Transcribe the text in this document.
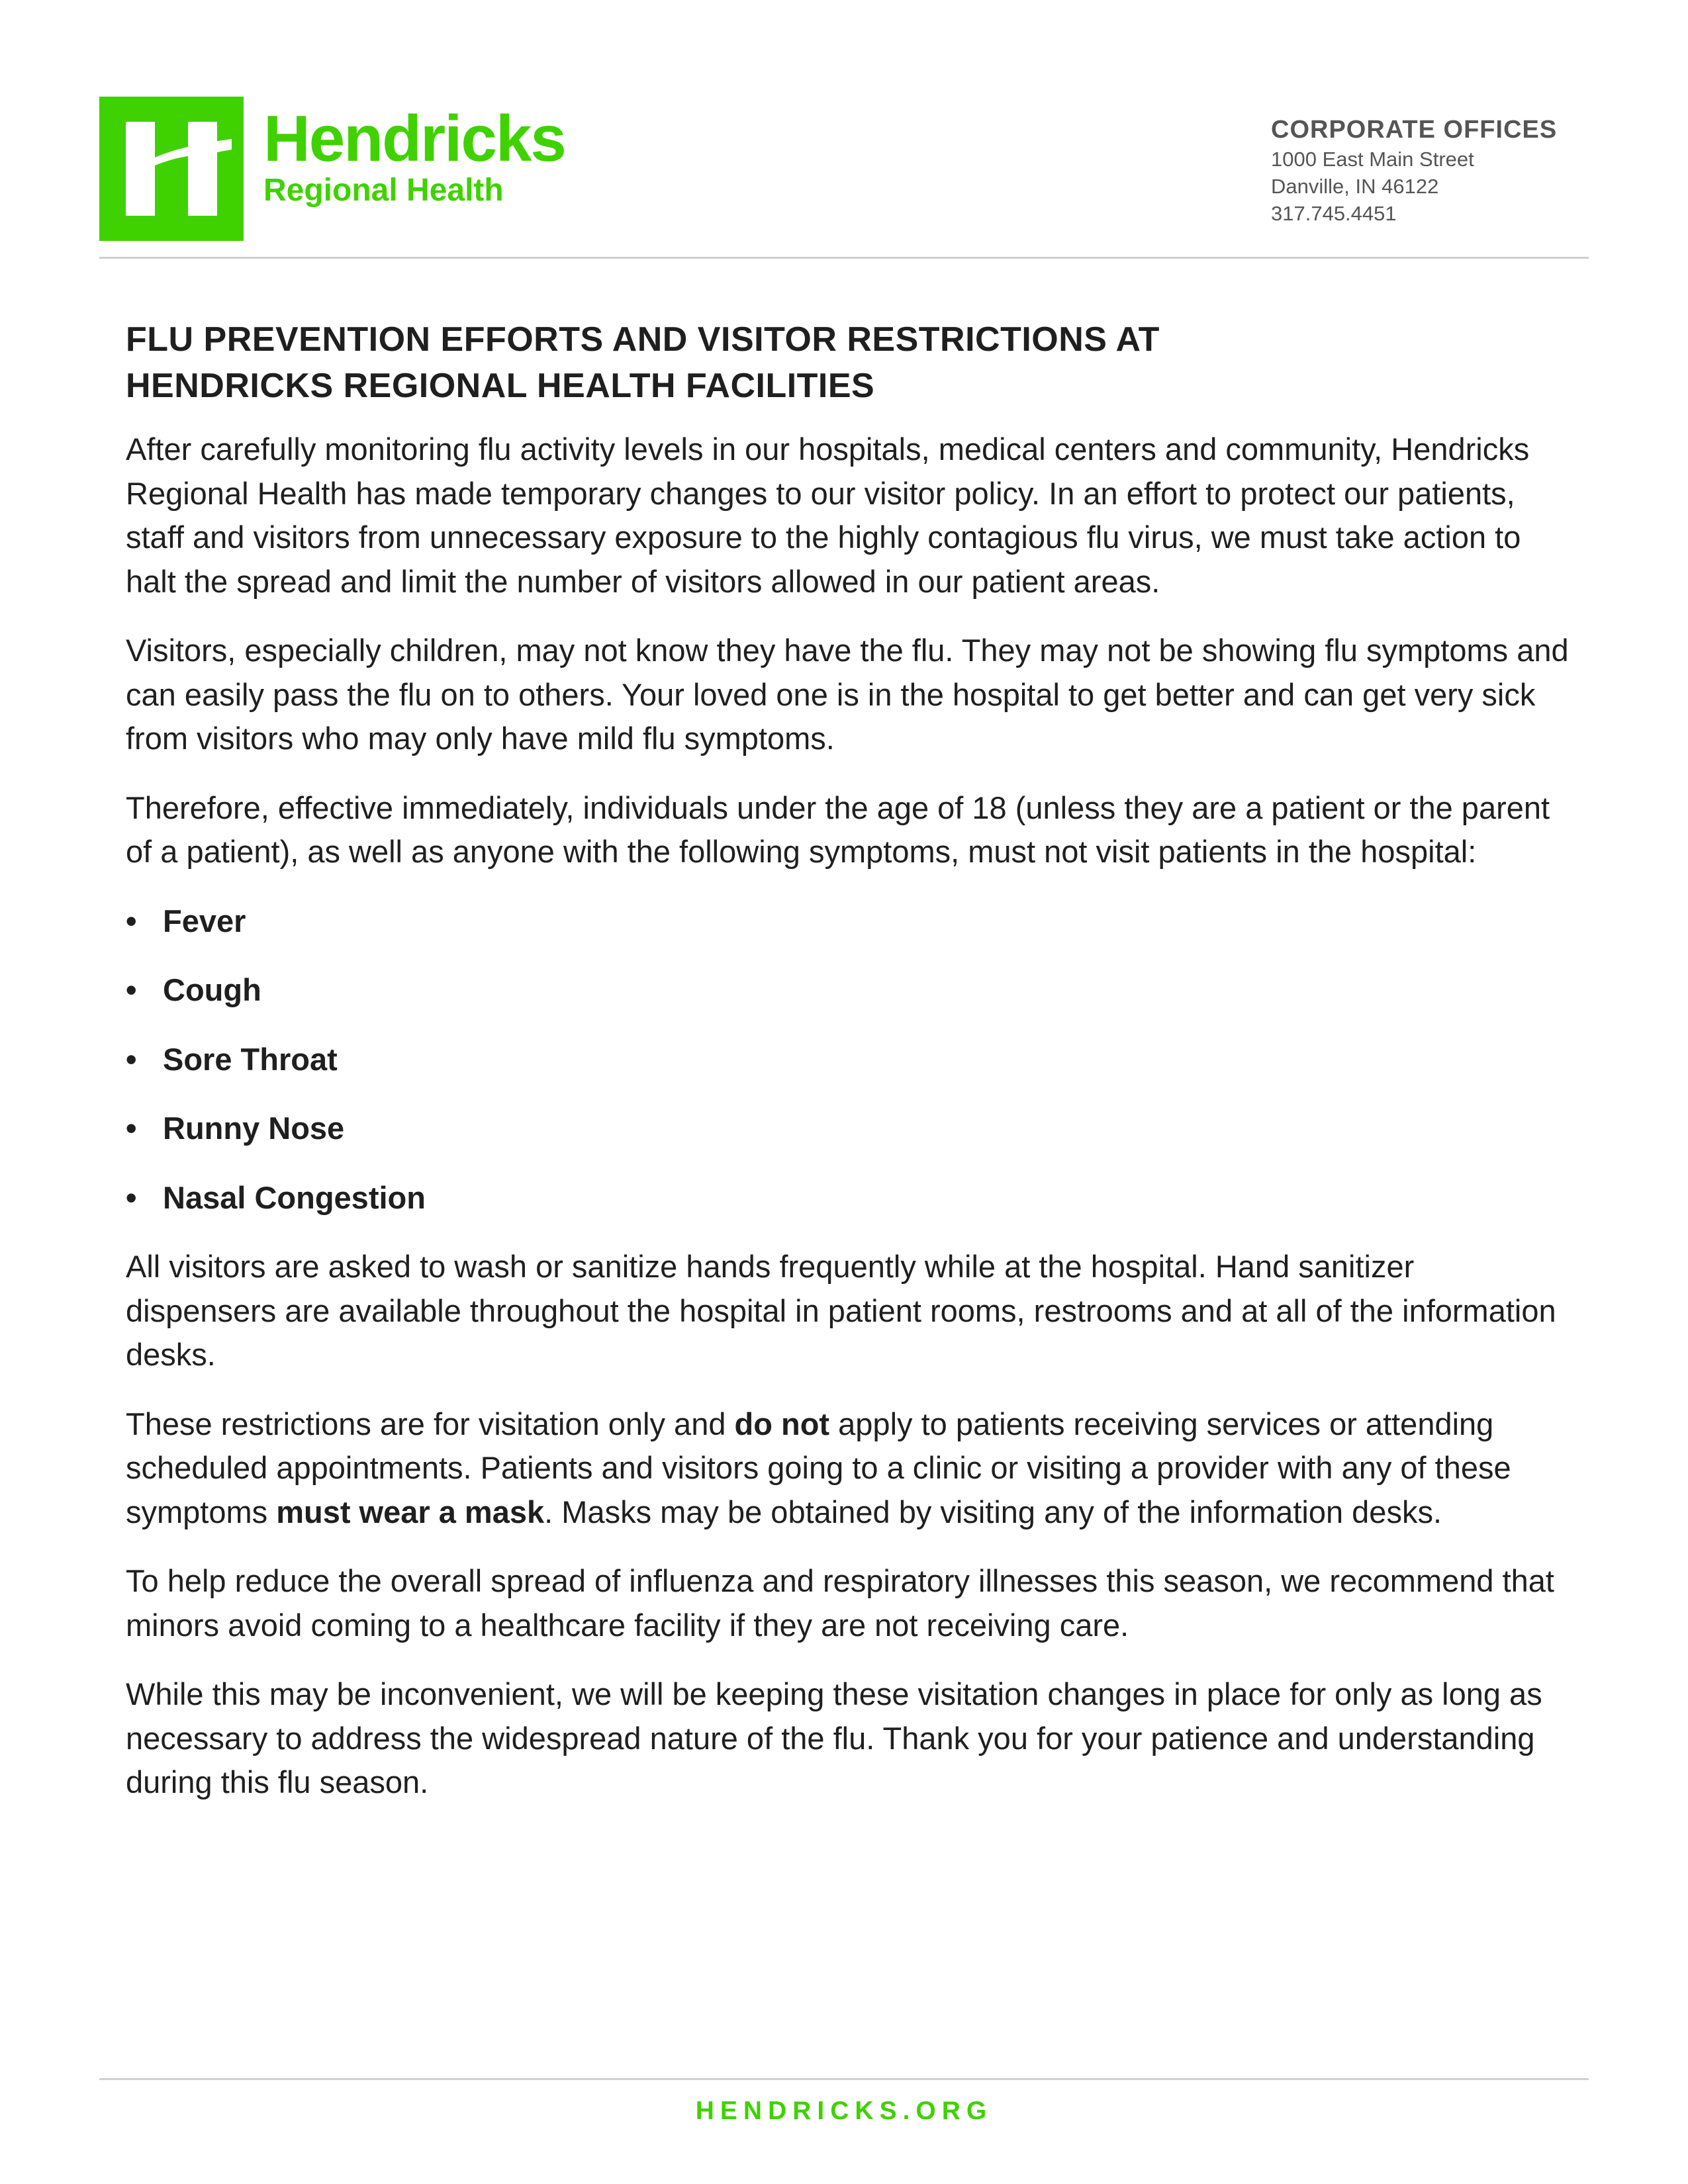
Hendricks
Regional Health
CORPORATE OFFICES
1000 East Main Street
Danville, IN 46122
317.745.4451
FLU PREVENTION EFFORTS AND VISITOR RESTRICTIONS AT
HENDRICKS REGIONAL HEALTH FACILITIES

After carefully monitoring flu activity levels in our hospitals, medical centers and community, Hendricks Regional Health has made temporary changes to our visitor policy. In an effort to protect our patients, staff and visitors from unnecessary exposure to the highly contagious flu virus, we must take action to halt the spread and limit the number of visitors allowed in our patient areas.

Visitors, especially children, may not know they have the flu. They may not be showing flu symptoms and can easily pass the flu on to others. Your loved one is in the hospital to get better and can get very sick from visitors who may only have mild flu symptoms.

Therefore, effective immediately, individuals under the age of 18 (unless they are a patient or the parent of a patient), as well as anyone with the following symptoms, must not visit patients in the hospital:

• Fever
• Cough
• Sore Throat
• Runny Nose
• Nasal Congestion

All visitors are asked to wash or sanitize hands frequently while at the hospital. Hand sanitizer dispensers are available throughout the hospital in patient rooms, restrooms and at all of the information desks.

These restrictions are for visitation only and do not apply to patients receiving services or attending scheduled appointments. Patients and visitors going to a clinic or visiting a provider with any of these symptoms must wear a mask. Masks may be obtained by visiting any of the information desks.

To help reduce the overall spread of influenza and respiratory illnesses this season, we recommend that minors avoid coming to a healthcare facility if they are not receiving care.

While this may be inconvenient, we will be keeping these visitation changes in place for only as long as necessary to address the widespread nature of the flu. Thank you for your patience and understanding during this flu season.

HENDRICKS.ORG
